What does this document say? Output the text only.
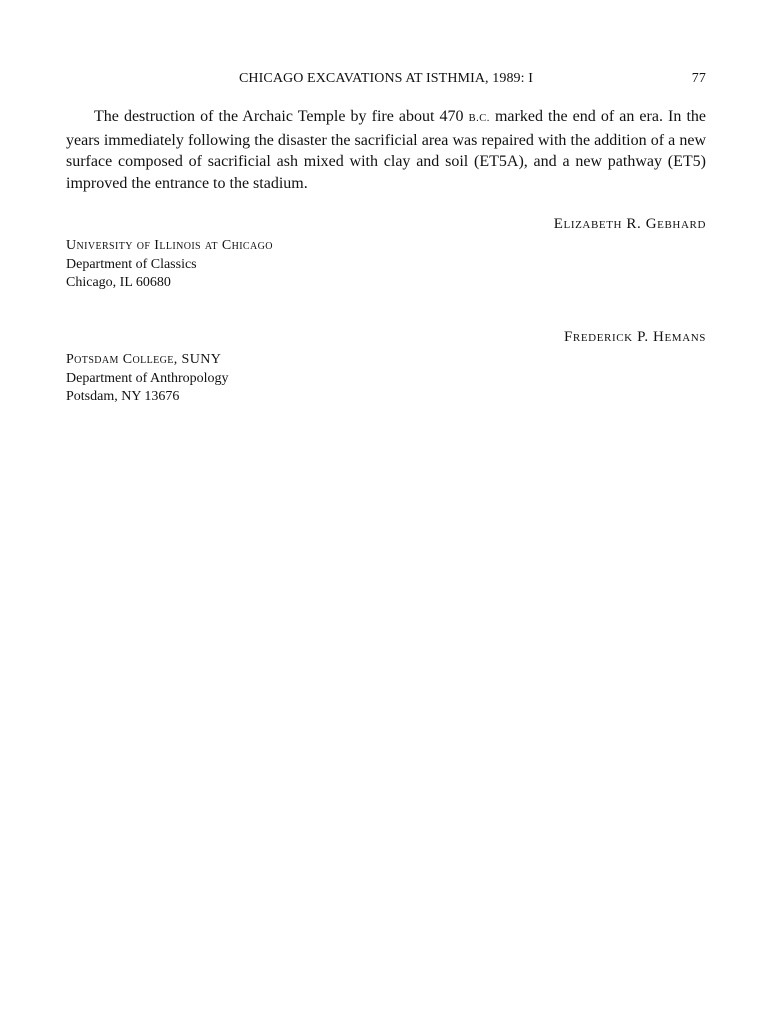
CHICAGO EXCAVATIONS AT ISTHMIA, 1989: I	77

The destruction of the Archaic Temple by fire about 470 B.C. marked the end of an era. In the years immediately following the disaster the sacrificial area was repaired with the addition of a new surface composed of sacrificial ash mixed with clay and soil (ET5A), and a new pathway (ET5) improved the entrance to the stadium.

Elizabeth R. Gebhard
University of Illinois at Chicago
Department of Classics
Chicago, IL 60680
Frederick P. Hemans
Potsdam College, SUNY
Department of Anthropology
Potsdam, NY 13676
